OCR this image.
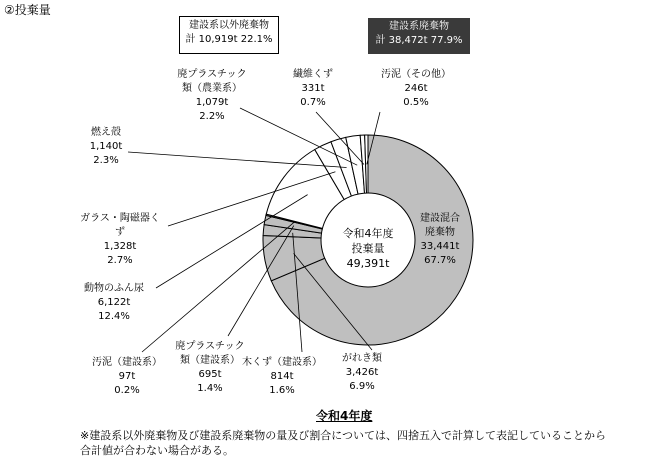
②投棄量
建設系以外廃棄物
計 10,919t 22.1%
建設系廃棄物
計 38,472t 77.9%
令和4年度
投棄量
49,391t
建設混合
廃棄物
33,441t
67.7%
がれき類
3,426t
6.9%
木くず（建設系）
814t
1.6%
廃プラスチック
類（建設系）
695t
1.4%
汚泥（建設系）
97t
0.2%
動物のふん尿
6,122t
12.4%
ガラス・陶磁器く
ず
1,328t
2.7%
燃え殻
1,140t
2.3%
廃プラスチック
類（農業系）
1,079t
2.2%
繊維くず
331t
0.7%
汚泥（その他）
246t
0.5%
令和4年度
※建設系以外廃棄物及び建設系廃棄物の量及び割合については、四捨五入で計算して表記していることから
合計値が合わない場合がある。
